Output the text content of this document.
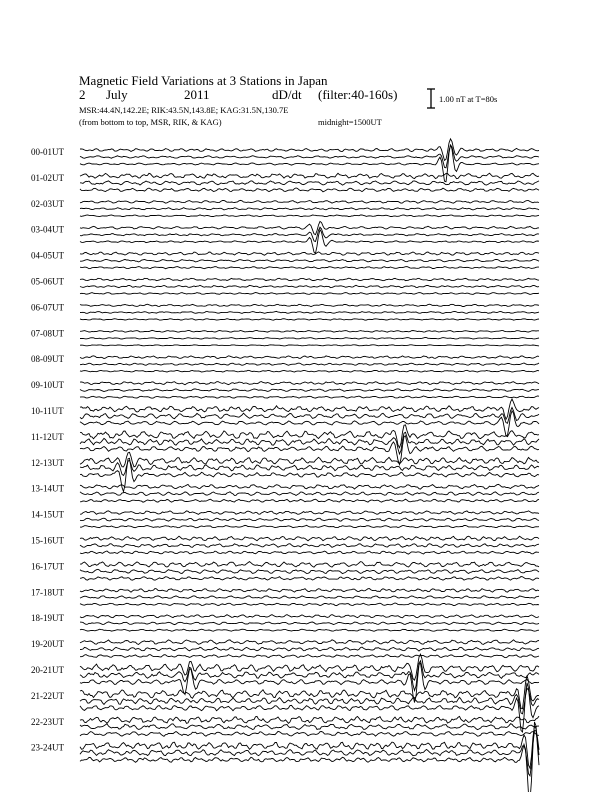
Magnetic Field Variations at 3 Stations in Japan
2 July	2011	dD/dt (filter:40-160s)
MSR:44.4N,142.2E; RIK:43.5N,143.8E; KAG:31.5N,130.7E
(from bottom to top, MSR, RIK, & KAG)	midnight=1500UT
1.00 nT at T=80s
00-01UT
01-02UT
02-03UT
03-04UT
04-05UT
05-06UT
06-07UT
07-08UT
08-09UT
09-10UT
10-11UT
11-12UT
12-13UT
13-14UT
14-15UT
15-16UT
16-17UT
17-18UT
18-19UT
19-20UT
20-21UT
21-22UT
22-23UT
23-24UT
